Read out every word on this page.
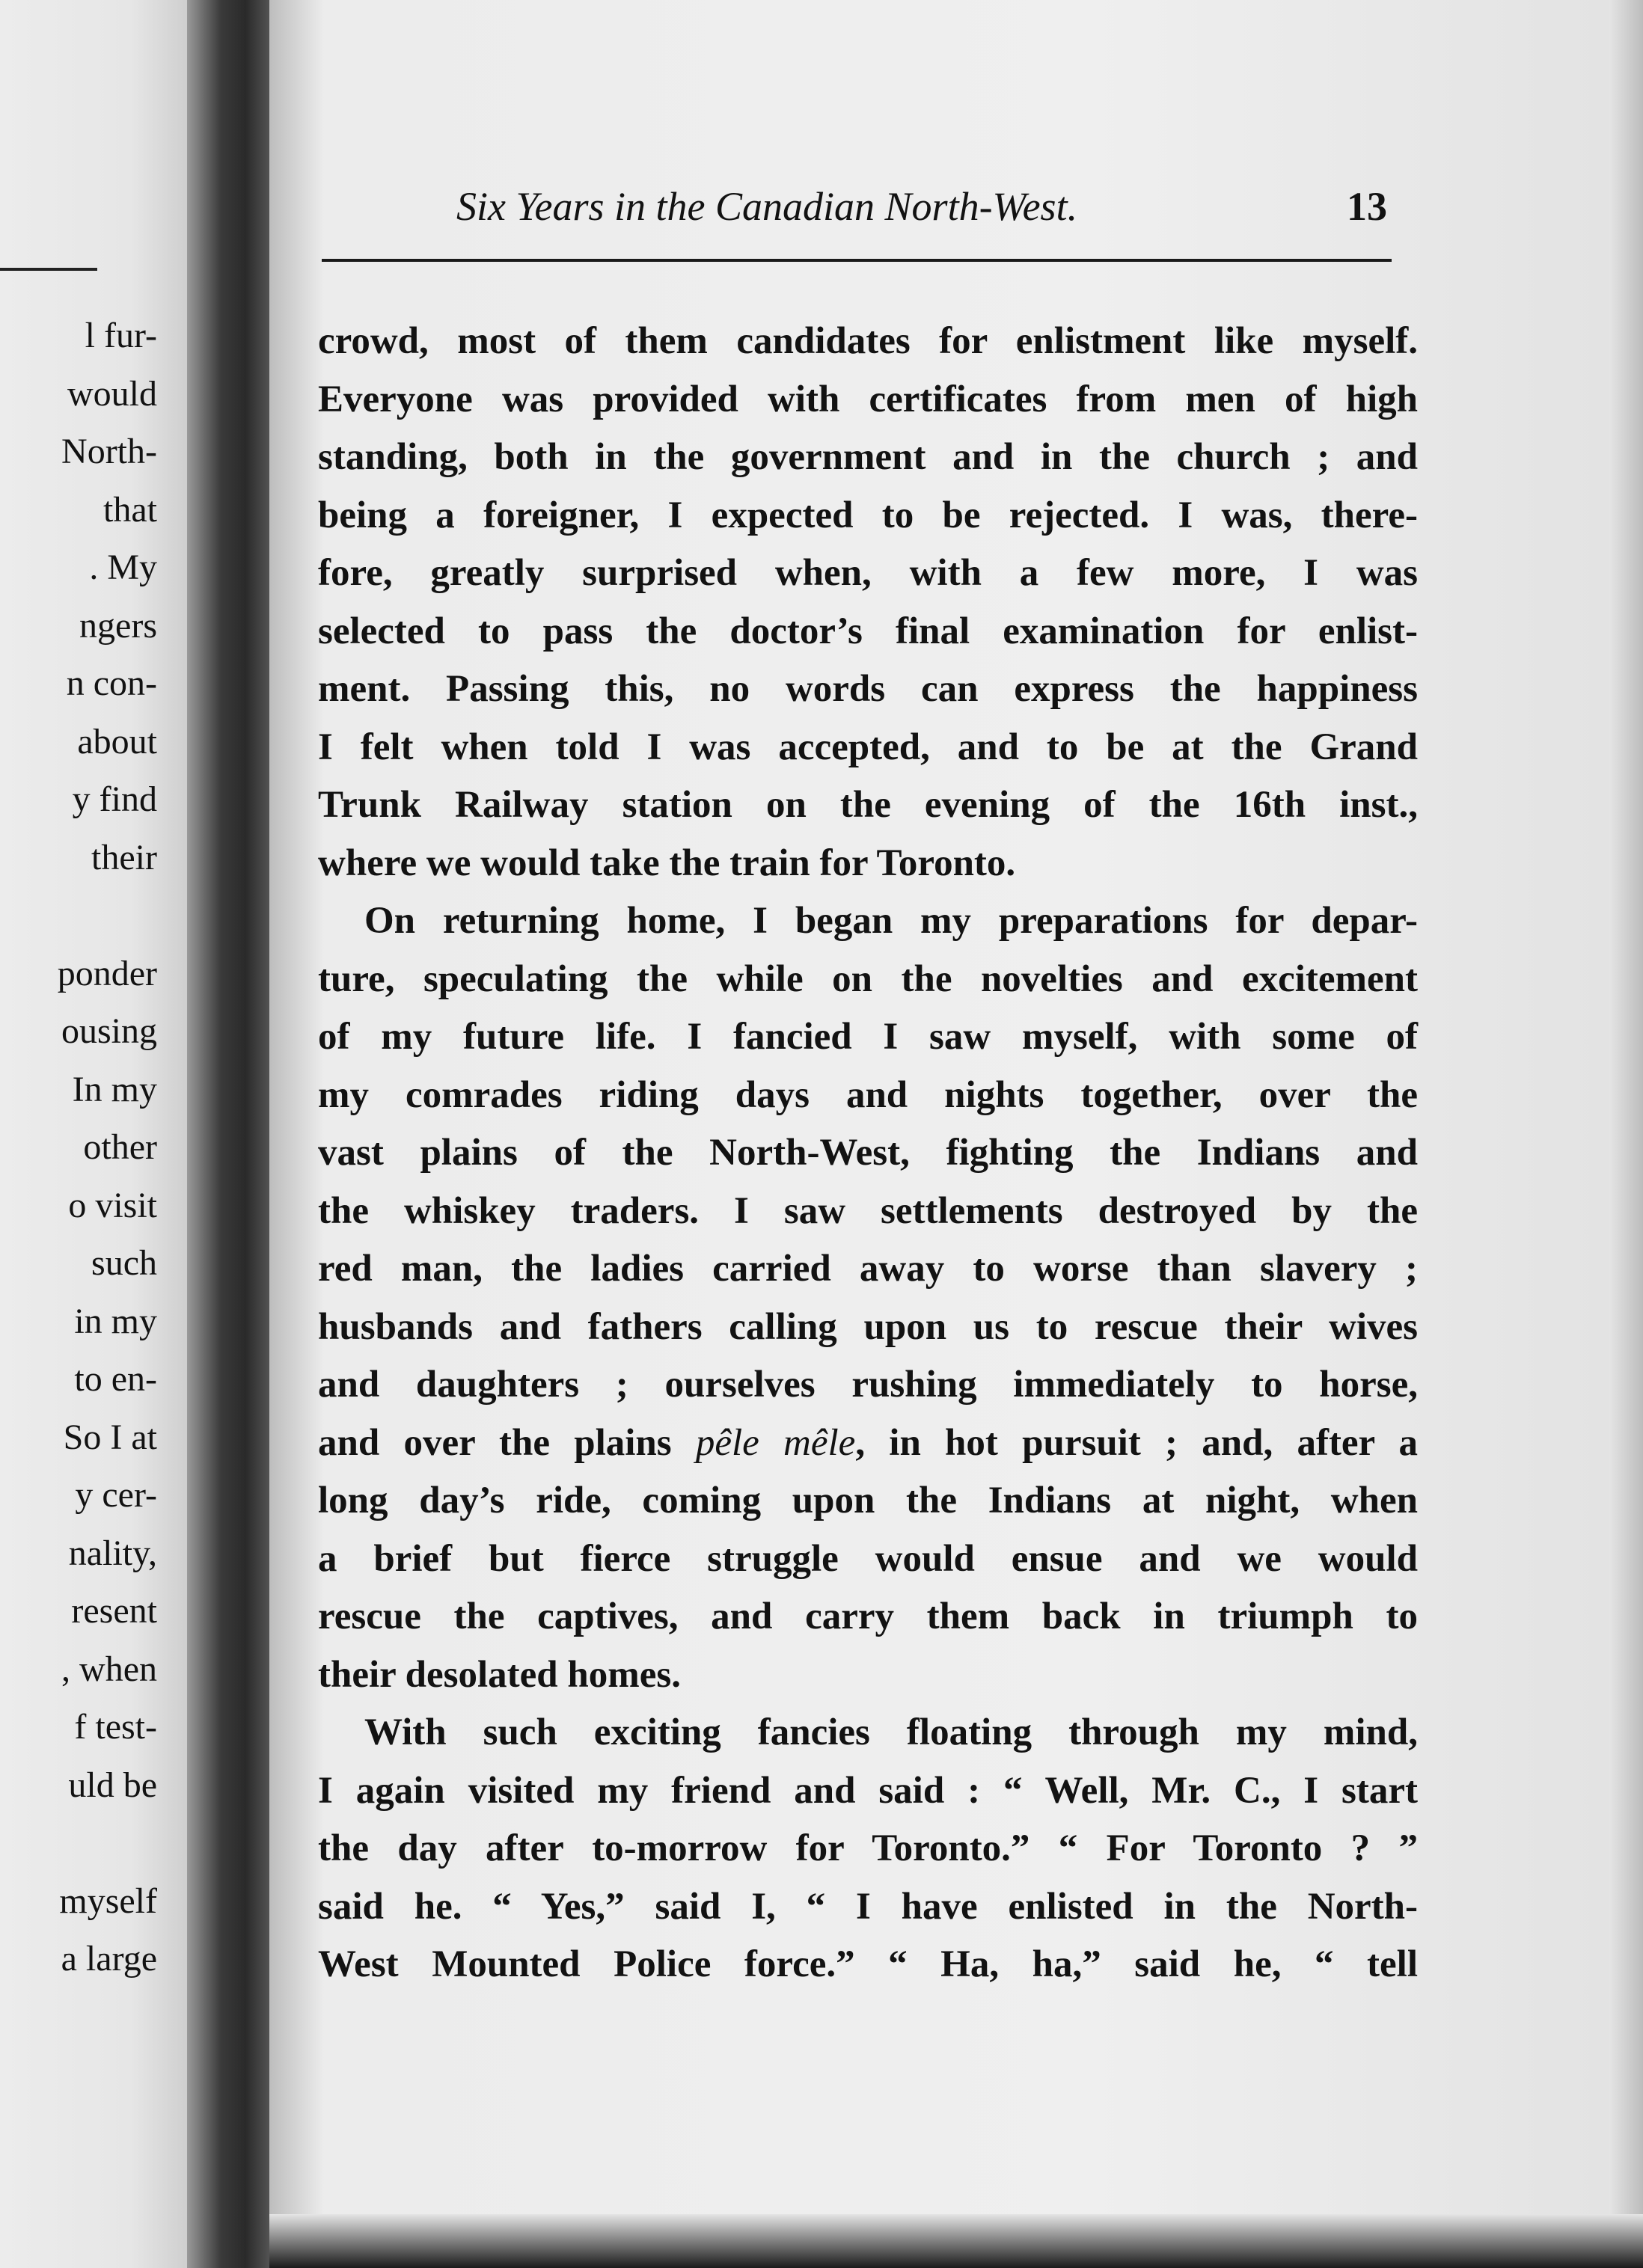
l fur-
would
North-
that
. My
ngers
n con-
about
y find
their
ponder
ousing
In my
other
o visit
such
in my
to en-
So I at
y cer-
nality,
resent
, when
f test-
uld be
myself
a large
Six Years in the Canadian North-West.	13
crowd, most of them candidates for enlistment like myself.
Everyone was provided with certificates from men of high
standing, both in the government and in the church ; and
being a foreigner, I expected to be rejected. I was, there-
fore, greatly surprised when, with a few more, I was
selected to pass the doctor’s final examination for enlist-
ment. Passing this, no words can express the happiness
I felt when told I was accepted, and to be at the Grand
Trunk Railway station on the evening of the 16th inst.,
where we would take the train for Toronto.
On returning home, I began my preparations for depar-
ture, speculating the while on the novelties and excitement
of my future life. I fancied I saw myself, with some of
my comrades riding days and nights together, over the
vast plains of the North-West, fighting the Indians and
the whiskey traders. I saw settlements destroyed by the
red man, the ladies carried away to worse than slavery ;
husbands and fathers calling upon us to rescue their wives
and daughters ; ourselves rushing immediately to horse,
and over the plains pêle mêle, in hot pursuit ; and, after a
long day’s ride, coming upon the Indians at night, when
a brief but fierce struggle would ensue and we would
rescue the captives, and carry them back in triumph to
their desolated homes.
With such exciting fancies floating through my mind,
I again visited my friend and said : “ Well, Mr. C., I start
the day after to-morrow for Toronto.” “ For Toronto ? ”
said he. “ Yes,” said I, “ I have enlisted in the North-
West Mounted Police force.” “ Ha, ha,” said he, “ tell
